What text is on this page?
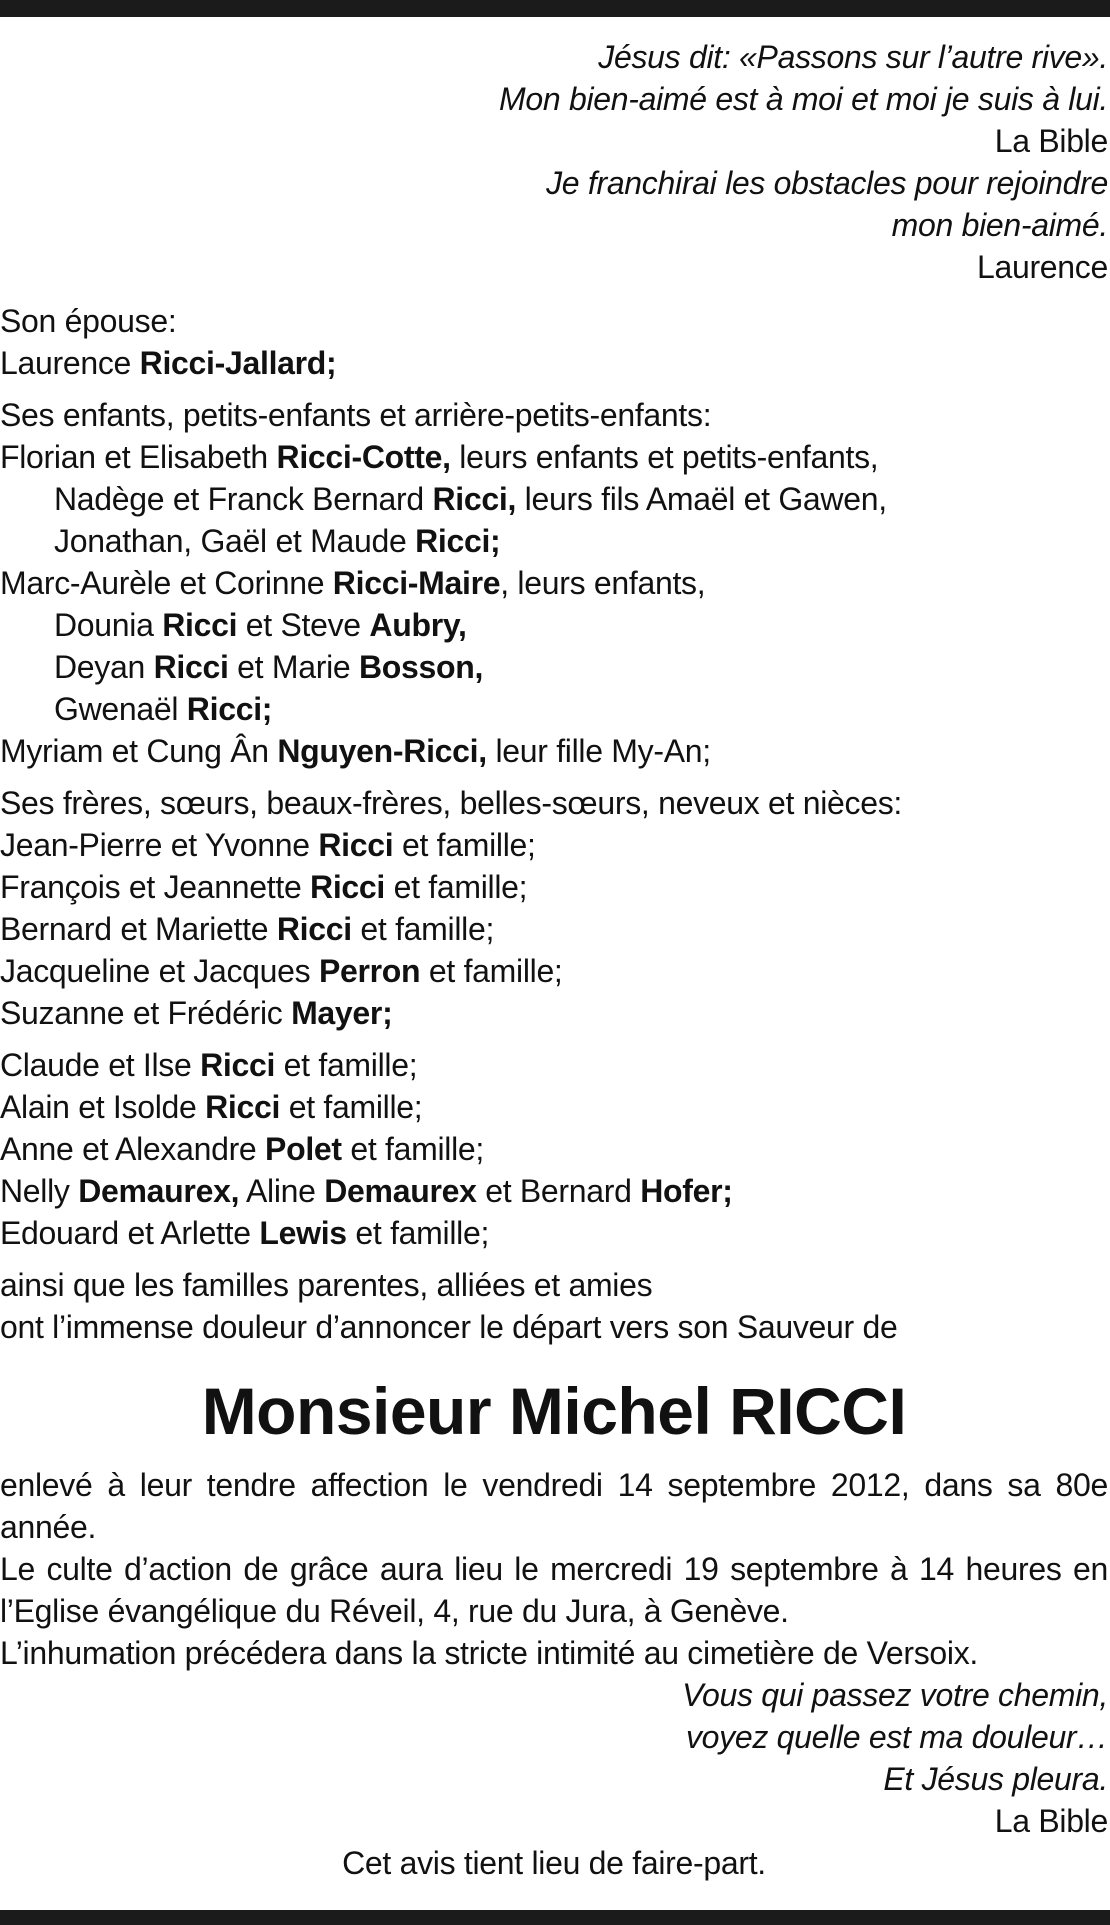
Jésus dit: «Passons sur l’autre rive».
Mon bien-aimé est à moi et moi je suis à lui.
La Bible
Je franchirai les obstacles pour rejoindre
mon bien-aimé.
Laurence
Son épouse:
Laurence Ricci-Jallard;
Ses enfants, petits-enfants et arrière-petits-enfants:
Florian et Elisabeth Ricci-Cotte, leurs enfants et petits-enfants,
Nadège et Franck Bernard Ricci, leurs fils Amaël et Gawen,
Jonathan, Gaël et Maude Ricci;
Marc-Aurèle et Corinne Ricci-Maire, leurs enfants,
Dounia Ricci et Steve Aubry,
Deyan Ricci et Marie Bosson,
Gwenaël Ricci;
Myriam et Cung Ân Nguyen-Ricci, leur fille My-An;
Ses frères, sœurs, beaux-frères, belles-sœurs, neveux et nièces:
Jean-Pierre et Yvonne Ricci et famille;
François et Jeannette Ricci et famille;
Bernard et Mariette Ricci et famille;
Jacqueline et Jacques Perron et famille;
Suzanne et Frédéric Mayer;
Claude et Ilse Ricci et famille;
Alain et Isolde Ricci et famille;
Anne et Alexandre Polet et famille;
Nelly Demaurex, Aline Demaurex et Bernard Hofer;
Edouard et Arlette Lewis et famille;
ainsi que les familles parentes, alliées et amies
ont l’immense douleur d’annoncer le départ vers son Sauveur de
Monsieur Michel RICCI

enlevé à leur tendre affection le vendredi 14 septembre 2012, dans sa 80e année.

Le culte d’action de grâce aura lieu le mercredi 19 septembre à 14 heures en l’Eglise évangélique du Réveil, 4, rue du Jura, à Genève.

L’inhumation précédera dans la stricte intimité au cimetière de Versoix.

Vous qui passez votre chemin,
voyez quelle est ma douleur…
Et Jésus pleura.
La Bible
Cet avis tient lieu de faire-part.
